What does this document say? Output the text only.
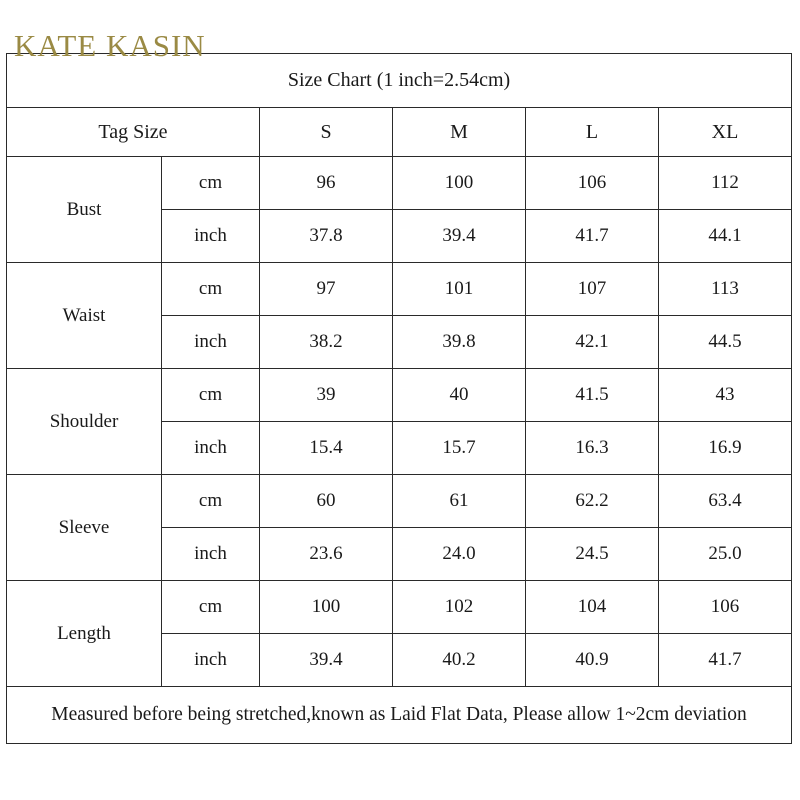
KATE KASIN
Size Chart (1 inch=2.54cm)					
Tag Size		S	M	L	XL
Bust	cm	96	100	106	112
	inch	37.8	39.4	41.7	44.1
Waist	cm	97	101	107	113
	inch	38.2	39.8	42.1	44.5
Shoulder	cm	39	40	41.5	43
	inch	15.4	15.7	16.3	16.9
Sleeve	cm	60	61	62.2	63.4
	inch	23.6	24.0	24.5	25.0
Length	cm	100	102	104	106
	inch	39.4	40.2	40.9	41.7
Measured before being stretched,known as Laid Flat Data, Please allow 1~2cm deviation					
